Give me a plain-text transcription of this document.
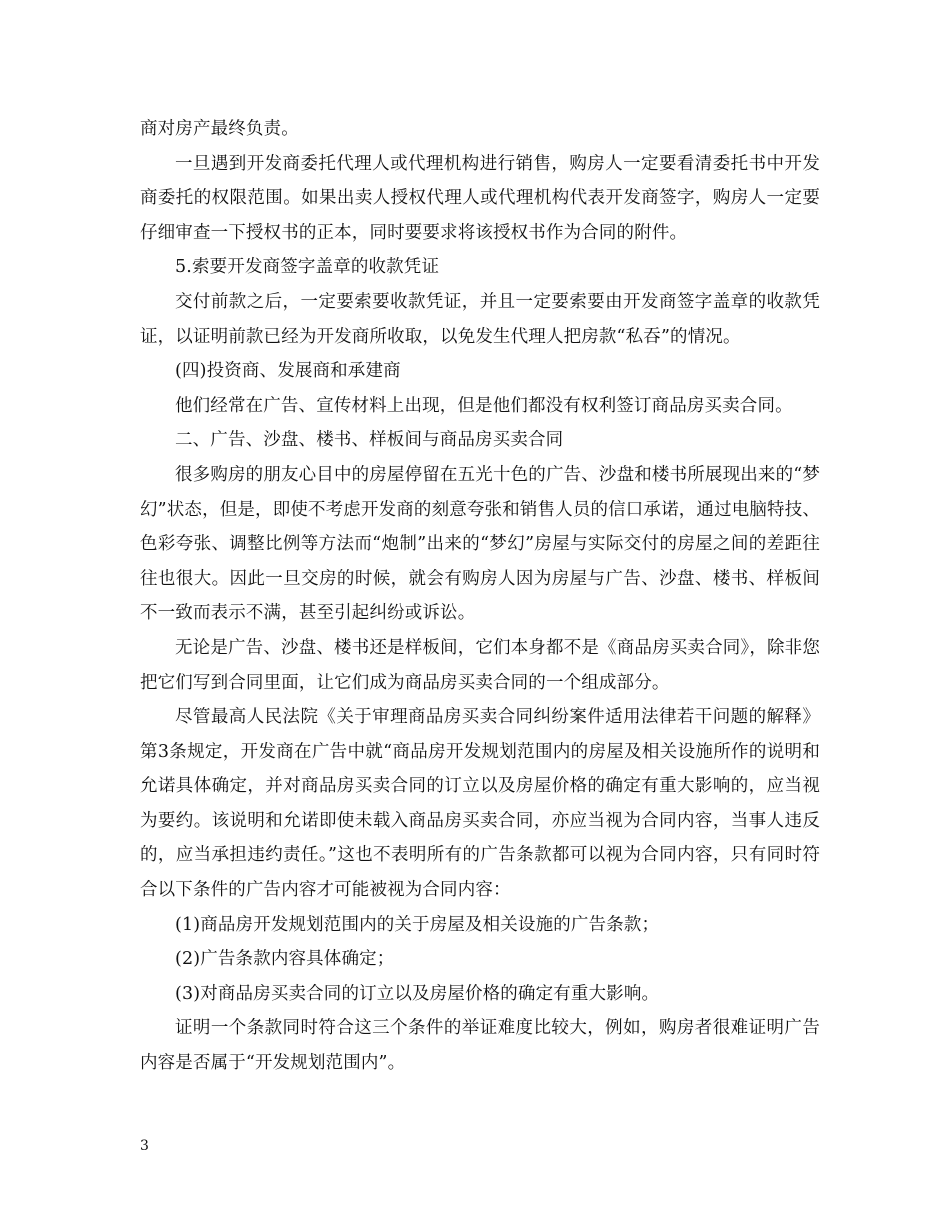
商对房产最终负责。

一旦遇到开发商委托代理人或代理机构进行销售，购房人一定要看清委托书中开发商委托的权限范围。如果出卖人授权代理人或代理机构代表开发商签字，购房人一定要仔细审查一下授权书的正本，同时要要求将该授权书作为合同的附件。

5.索要开发商签字盖章的收款凭证

交付前款之后，一定要索要收款凭证，并且一定要索要由开发商签字盖章的收款凭证，以证明前款已经为开发商所收取，以免发生代理人把房款“私吞”的情况。

(四)投资商、发展商和承建商

他们经常在广告、宣传材料上出现，但是他们都没有权利签订商品房买卖合同。

二、广告、沙盘、楼书、样板间与商品房买卖合同

很多购房的朋友心目中的房屋停留在五光十色的广告、沙盘和楼书所展现出来的“梦幻”状态，但是，即使不考虑开发商的刻意夸张和销售人员的信口承诺，通过电脑特技、色彩夸张、调整比例等方法而“炮制”出来的“梦幻”房屋与实际交付的房屋之间的差距往往也很大。因此一旦交房的时候，就会有购房人因为房屋与广告、沙盘、楼书、样板间不一致而表示不满，甚至引起纠纷或诉讼。

无论是广告、沙盘、楼书还是样板间，它们本身都不是《商品房买卖合同》，除非您把它们写到合同里面，让它们成为商品房买卖合同的一个组成部分。

尽管最高人民法院《关于审理商品房买卖合同纠纷案件适用法律若干问题的解释》第3条规定，开发商在广告中就“商品房开发规划范围内的房屋及相关设施所作的说明和允诺具体确定，并对商品房买卖合同的订立以及房屋价格的确定有重大影响的，应当视为要约。该说明和允诺即使未载入商品房买卖合同，亦应当视为合同内容，当事人违反的，应当承担违约责任。”这也不表明所有的广告条款都可以视为合同内容，只有同时符合以下条件的广告内容才可能被视为合同内容：

(1)商品房开发规划范围内的关于房屋及相关设施的广告条款；

(2)广告条款内容具体确定；

(3)对商品房买卖合同的订立以及房屋价格的确定有重大影响。

证明一个条款同时符合这三个条件的举证难度比较大，例如，购房者很难证明广告内容是否属于“开发规划范围内”。

3
